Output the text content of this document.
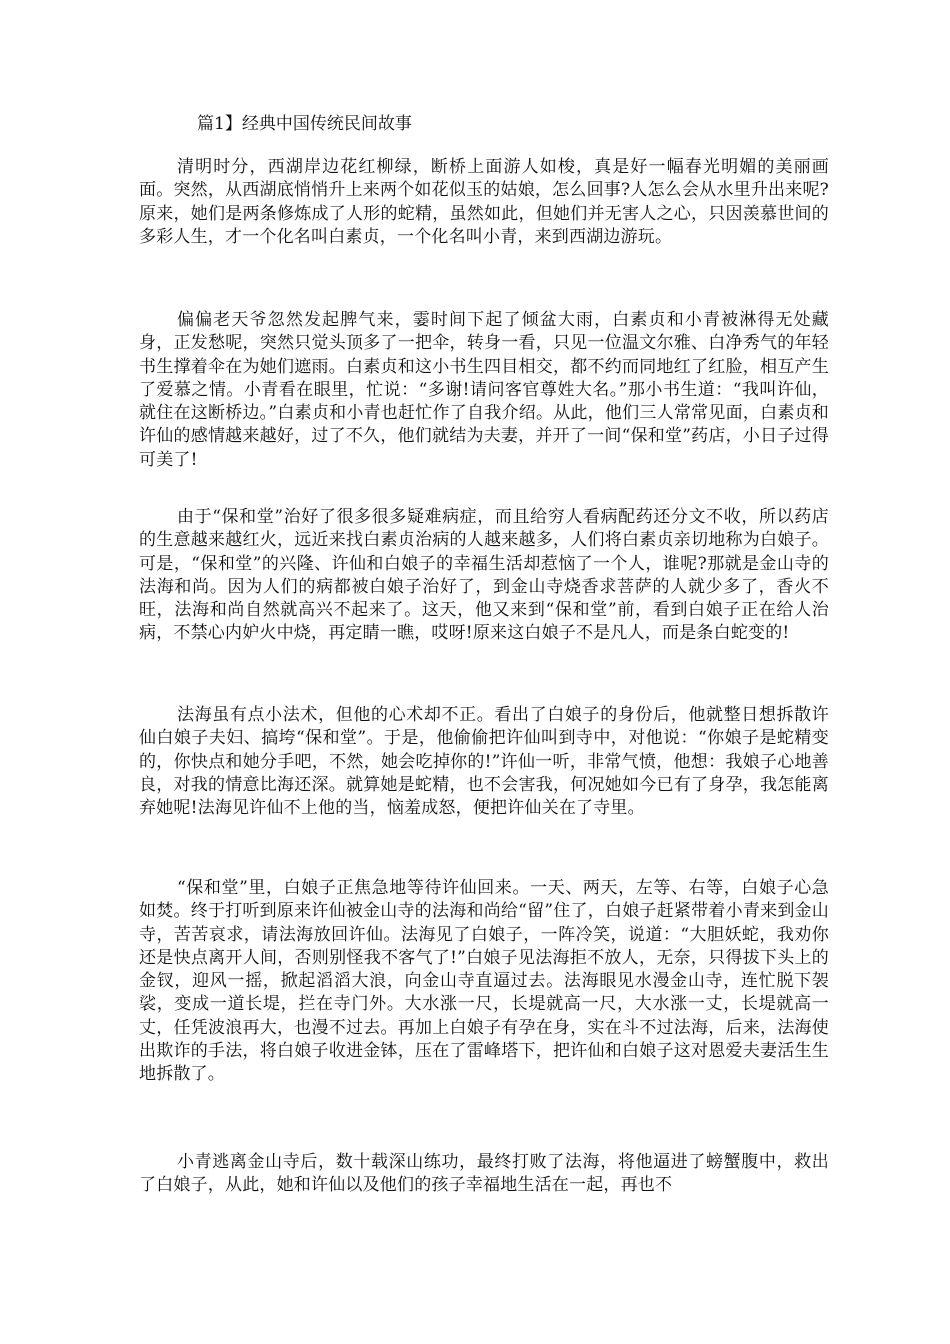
篇1】经典中国传统民间故事

清明时分，西湖岸边花红柳绿，断桥上面游人如梭，真是好一幅春光明媚的美丽画面。突然，从西湖底悄悄升上来两个如花似玉的姑娘，怎么回事?人怎么会从水里升出来呢?原来，她们是两条修炼成了人形的蛇精，虽然如此，但她们并无害人之心，只因羡慕世间的多彩人生，才一个化名叫白素贞，一个化名叫小青，来到西湖边游玩。

偏偏老天爷忽然发起脾气来，霎时间下起了倾盆大雨，白素贞和小青被淋得无处藏身，正发愁呢，突然只觉头顶多了一把伞，转身一看，只见一位温文尔雅、白净秀气的年轻书生撑着伞在为她们遮雨。白素贞和这小书生四目相交，都不约而同地红了红脸，相互产生了爱慕之情。小青看在眼里，忙说：“多谢!请问客官尊姓大名。”那小书生道：“我叫许仙，就住在这断桥边。”白素贞和小青也赶忙作了自我介绍。从此，他们三人常常见面，白素贞和许仙的感情越来越好，过了不久，他们就结为夫妻，并开了一间“保和堂”药店，小日子过得可美了!

由于“保和堂”治好了很多很多疑难病症，而且给穷人看病配药还分文不收，所以药店的生意越来越红火，远近来找白素贞治病的人越来越多，人们将白素贞亲切地称为白娘子。可是，“保和堂”的兴隆、许仙和白娘子的幸福生活却惹恼了一个人，谁呢?那就是金山寺的法海和尚。因为人们的病都被白娘子治好了，到金山寺烧香求菩萨的人就少多了，香火不旺，法海和尚自然就高兴不起来了。这天，他又来到“保和堂”前，看到白娘子正在给人治病，不禁心内妒火中烧，再定睛一瞧，哎呀!原来这白娘子不是凡人，而是条白蛇变的!

法海虽有点小法术，但他的心术却不正。看出了白娘子的身份后，他就整日想拆散许仙白娘子夫妇、搞垮“保和堂”。于是，他偷偷把许仙叫到寺中，对他说：“你娘子是蛇精变的，你快点和她分手吧，不然，她会吃掉你的!”许仙一听，非常气愤，他想：我娘子心地善良，对我的情意比海还深。就算她是蛇精，也不会害我，何况她如今已有了身孕，我怎能离弃她呢!法海见许仙不上他的当，恼羞成怒，便把许仙关在了寺里。

“保和堂”里，白娘子正焦急地等待许仙回来。一天、两天，左等、右等，白娘子心急如焚。终于打听到原来许仙被金山寺的法海和尚给“留”住了，白娘子赶紧带着小青来到金山寺，苦苦哀求，请法海放回许仙。法海见了白娘子，一阵冷笑，说道：“大胆妖蛇，我劝你还是快点离开人间，否则别怪我不客气了!”白娘子见法海拒不放人，无奈，只得拔下头上的金钗，迎风一摇，掀起滔滔大浪，向金山寺直逼过去。法海眼见水漫金山寺，连忙脱下袈裟，变成一道长堤，拦在寺门外。大水涨一尺，长堤就高一尺，大水涨一丈，长堤就高一丈，任凭波浪再大，也漫不过去。再加上白娘子有孕在身，实在斗不过法海，后来，法海使出欺诈的手法，将白娘子收进金钵，压在了雷峰塔下，把许仙和白娘子这对恩爱夫妻活生生地拆散了。

小青逃离金山寺后，数十载深山练功，最终打败了法海，将他逼进了螃蟹腹中，救出了白娘子，从此，她和许仙以及他们的孩子幸福地生活在一起，再也不
